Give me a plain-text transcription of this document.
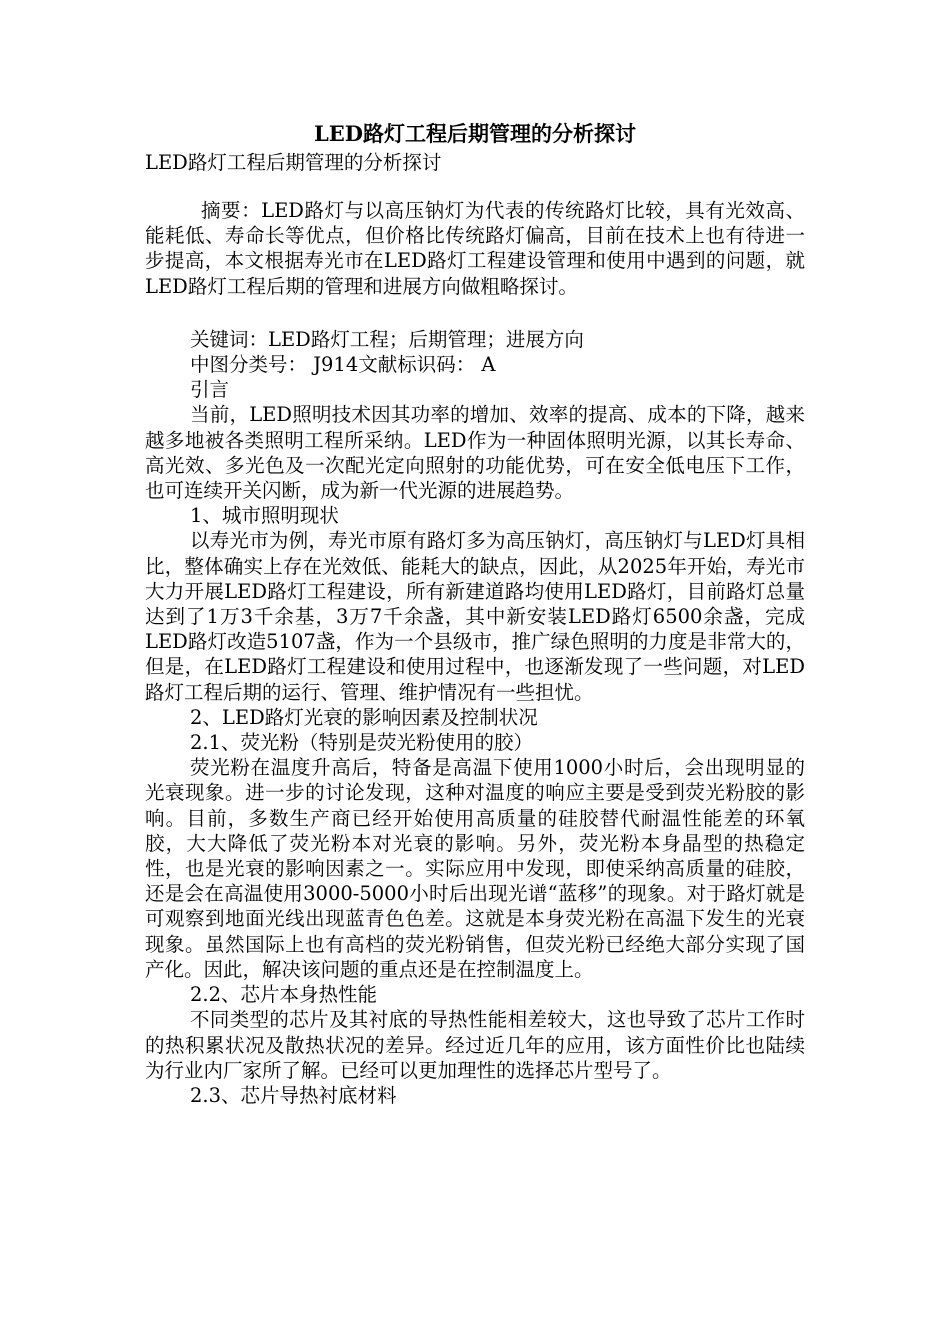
LED路灯工程后期管理的分析探讨
LED路灯工程后期管理的分析探讨

摘要：LED路灯与以高压钠灯为代表的传统路灯比较，具有光效高、能耗低、寿命长等优点，但价格比传统路灯偏高，目前在技术上也有待进一步提高，本文根据寿光市在LED路灯工程建设管理和使用中遇到的问题，就LED路灯工程后期的管理和进展方向做粗略探讨。

关键词：LED路灯工程；后期管理；进展方向
中图分类号： J914文献标识码： A
引言

当前，LED照明技术因其功率的增加、效率的提高、成本的下降，越来越多地被各类照明工程所采纳。LED作为一种固体照明光源，以其长寿命、高光效、多光色及一次配光定向照射的功能优势，可在安全低电压下工作，也可连续开关闪断，成为新一代光源的进展趋势。

1、城市照明现状

以寿光市为例，寿光市原有路灯多为高压钠灯，高压钠灯与LED灯具相比，整体确实上存在光效低、能耗大的缺点，因此，从2025年开始，寿光市大力开展LED路灯工程建设，所有新建道路均使用LED路灯，目前路灯总量达到了1万3千余基，3万7千余盏，其中新安装LED路灯6500余盏，完成LED路灯改造5107盏，作为一个县级市，推广绿色照明的力度是非常大的，但是，在LED路灯工程建设和使用过程中，也逐渐发现了一些问题，对LED路灯工程后期的运行、管理、维护情况有一些担忧。

2、LED路灯光衰的影响因素及控制状况
2.1、荧光粉（特别是荧光粉使用的胶）

荧光粉在温度升高后，特备是高温下使用1000小时后，会出现明显的光衰现象。进一步的讨论发现，这种对温度的响应主要是受到荧光粉胶的影响。目前，多数生产商已经开始使用高质量的硅胶替代耐温性能差的环氧胶，大大降低了荧光粉本对光衰的影响。另外，荧光粉本身晶型的热稳定性，也是光衰的影响因素之一。实际应用中发现，即使采纳高质量的硅胶，还是会在高温使用3000-5000小时后出现光谱“蓝移”的现象。对于路灯就是可观察到地面光线出现蓝青色色差。这就是本身荧光粉在高温下发生的光衰现象。虽然国际上也有高档的荧光粉销售，但荧光粉已经绝大部分实现了国产化。因此，解决该问题的重点还是在控制温度上。

2.2、芯片本身热性能

不同类型的芯片及其衬底的导热性能相差较大，这也导致了芯片工作时的热积累状况及散热状况的差异。经过近几年的应用，该方面性价比也陆续为行业内厂家所了解。已经可以更加理性的选择芯片型号了。

2.3、芯片导热衬底材料
